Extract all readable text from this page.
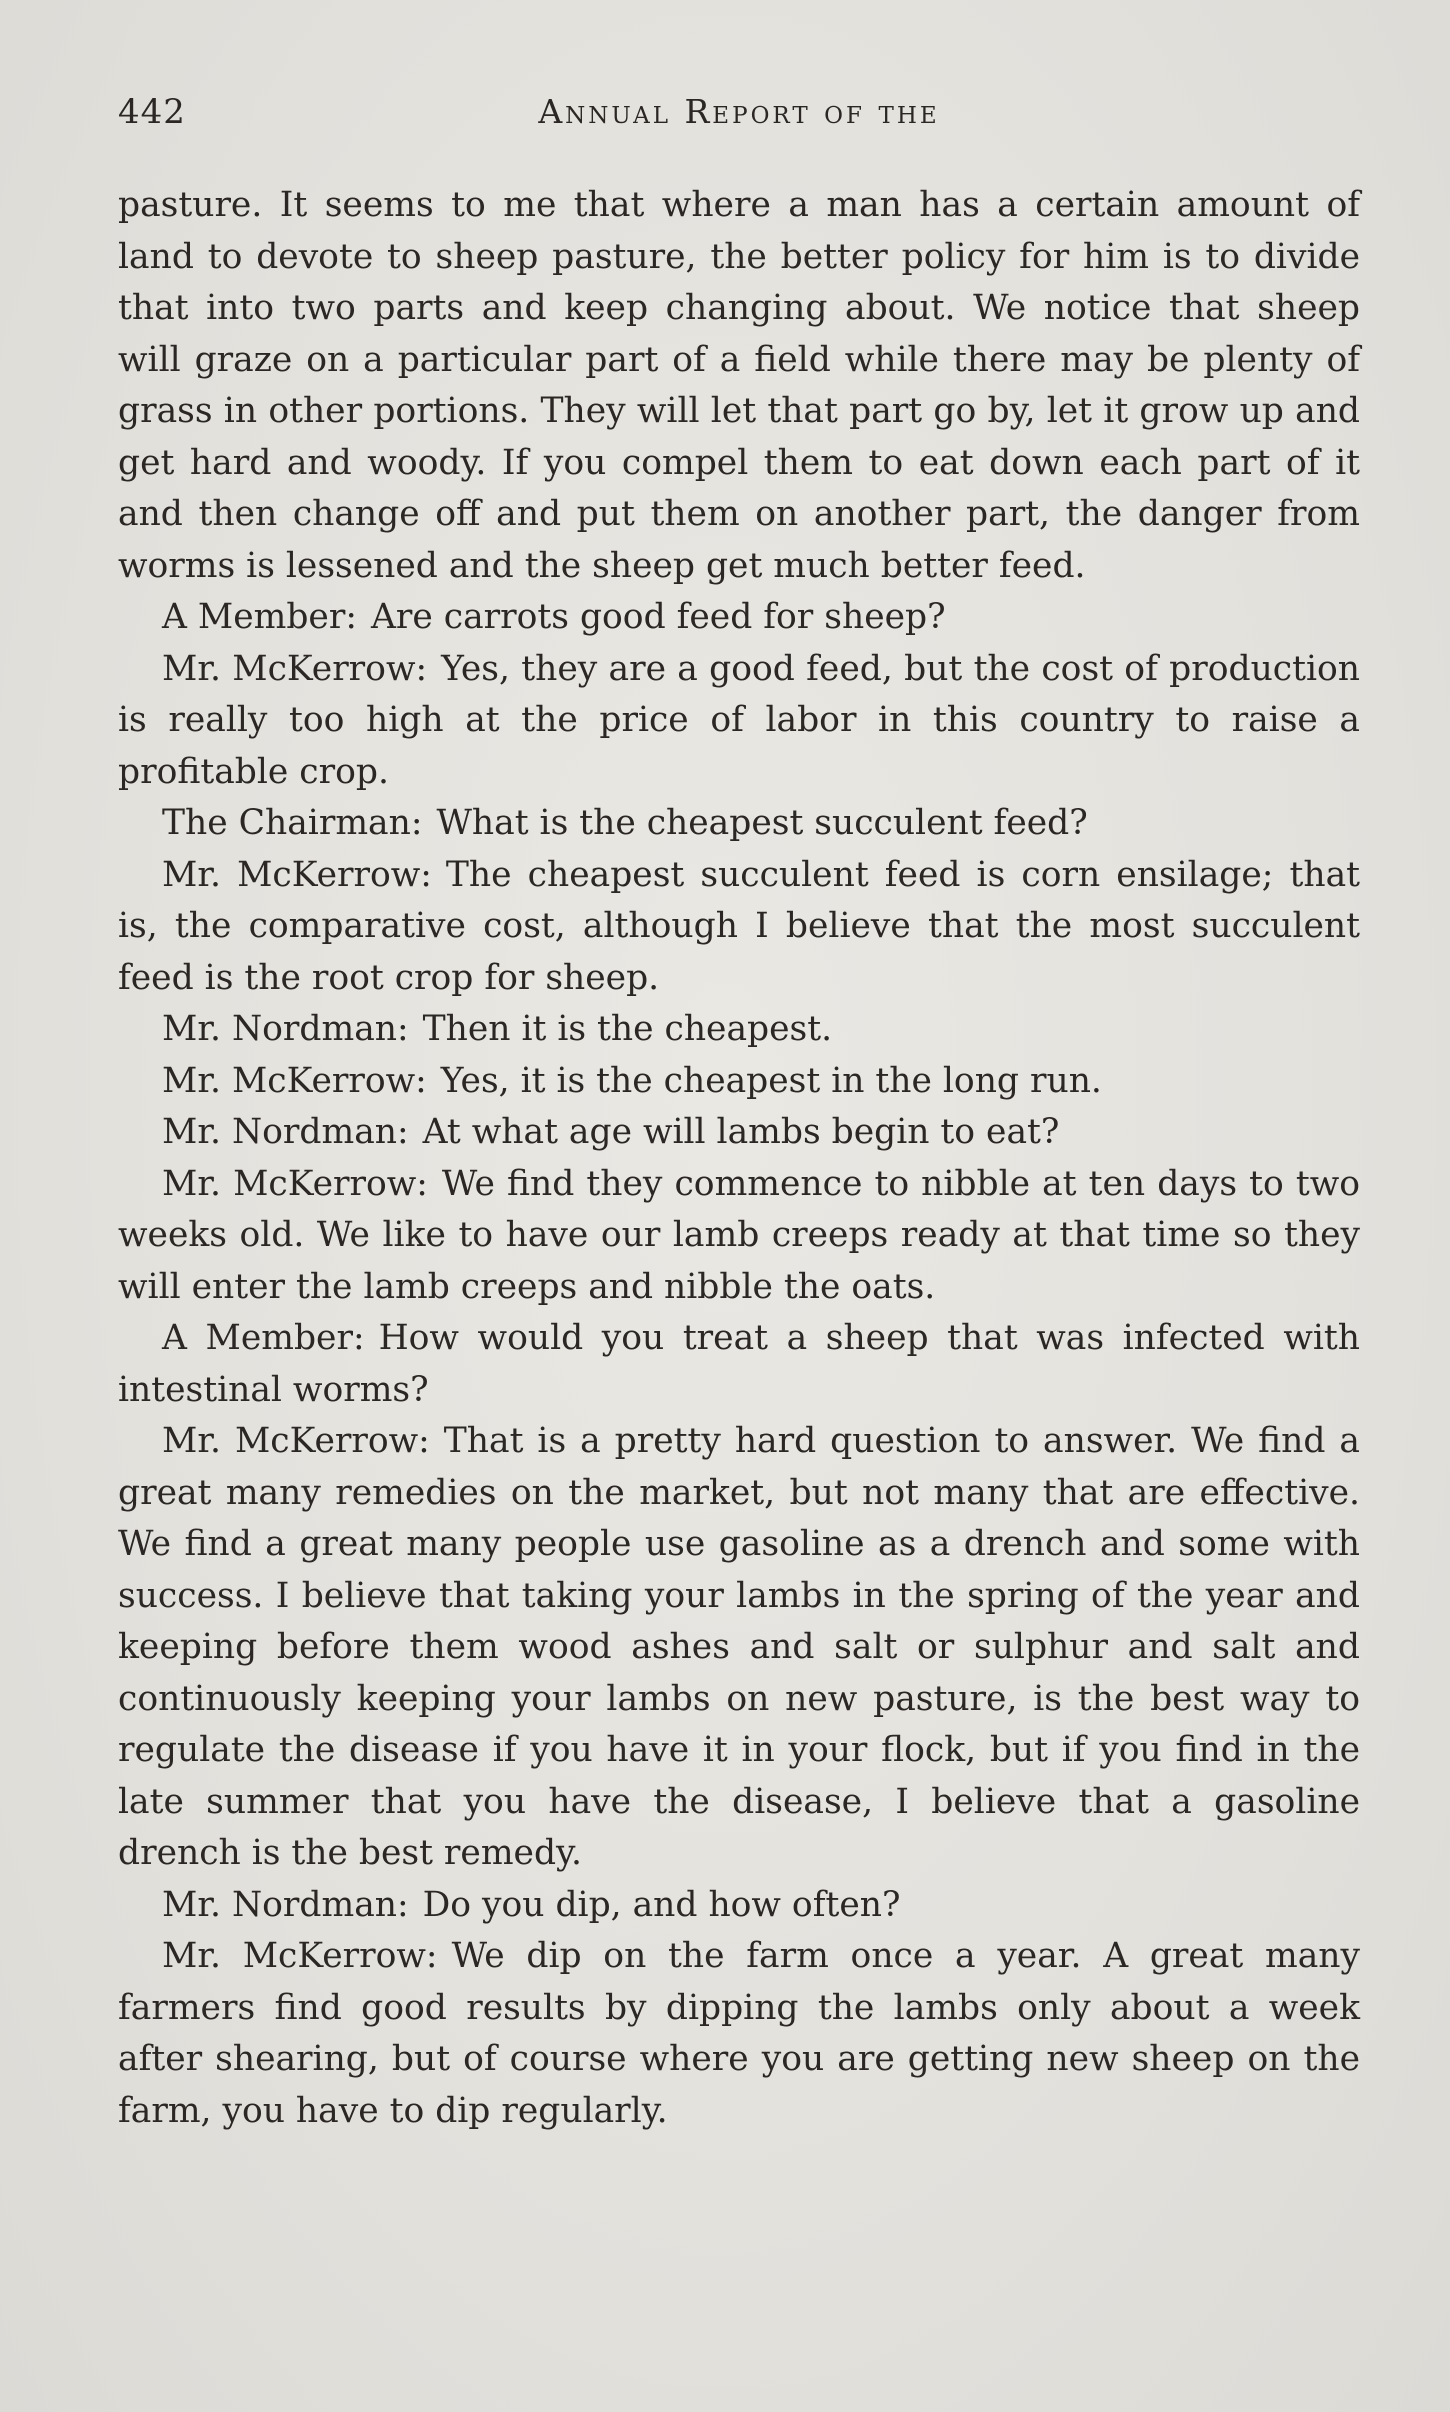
442	Annual Report of the

pasture. It seems to me that where a man has a certain amount of land to devote to sheep pasture, the better policy for him is to divide that into two parts and keep changing about. We notice that sheep will graze on a particular part of a field while there may be plenty of grass in other portions. They will let that part go by, let it grow up and get hard and woody. If you compel them to eat down each part of it and then change off and put them on another part, the danger from worms is lessened and the sheep get much better feed.

A Member: Are carrots good feed for sheep?

Mr. McKerrow: Yes, they are a good feed, but the cost of production is really too high at the price of labor in this country to raise a profitable crop.

The Chairman: What is the cheapest succulent feed?

Mr. McKerrow: The cheapest succulent feed is corn ensilage; that is, the comparative cost, although I believe that the most succulent feed is the root crop for sheep.

Mr. Nordman: Then it is the cheapest.

Mr. McKerrow: Yes, it is the cheapest in the long run.

Mr. Nordman: At what age will lambs begin to eat?

Mr. McKerrow: We find they commence to nibble at ten days to two weeks old. We like to have our lamb creeps ready at that time so they will enter the lamb creeps and nibble the oats.

A Member: How would you treat a sheep that was infected with intestinal worms?

Mr. McKerrow: That is a pretty hard question to answer. We find a great many remedies on the market, but not many that are effective. We find a great many people use gasoline as a drench and some with success. I believe that taking your lambs in the spring of the year and keeping before them wood ashes and salt or sulphur and salt and continuously keeping your lambs on new pasture, is the best way to regulate the disease if you have it in your flock, but if you find in the late summer that you have the disease, I believe that a gasoline drench is the best remedy.

Mr. Nordman: Do you dip, and how often?

Mr. McKerrow: We dip on the farm once a year. A great many farmers find good results by dipping the lambs only about a week after shearing, but of course where you are getting new sheep on the farm, you have to dip regularly.
